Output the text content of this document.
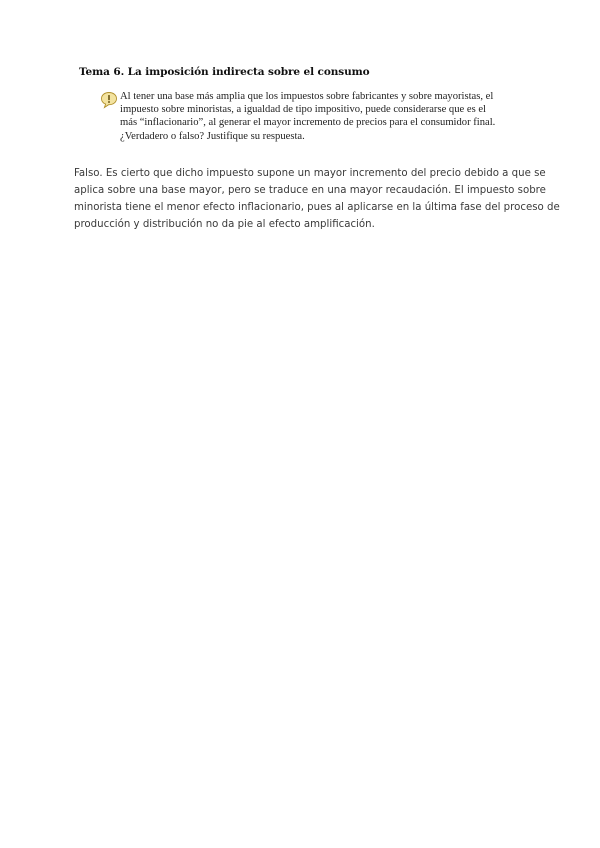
Tema 6. La imposición indirecta sobre el consumo
Al tener una base más amplia que los impuestos sobre fabricantes y sobre mayoristas, el
impuesto sobre minoristas, a igualdad de tipo impositivo, puede considerarse que es el
más “inflacionario”, al generar el mayor incremento de precios para el consumidor final.
¿Verdadero o falso? Justifique su respuesta.
Falso. Es cierto que dicho impuesto supone un mayor incremento del precio debido a que se
aplica sobre una base mayor, pero se traduce en una mayor recaudación. El impuesto sobre
minorista tiene el menor efecto inflacionario, pues al aplicarse en la última fase del proceso de
producción y distribución no da pie al efecto amplificación.
